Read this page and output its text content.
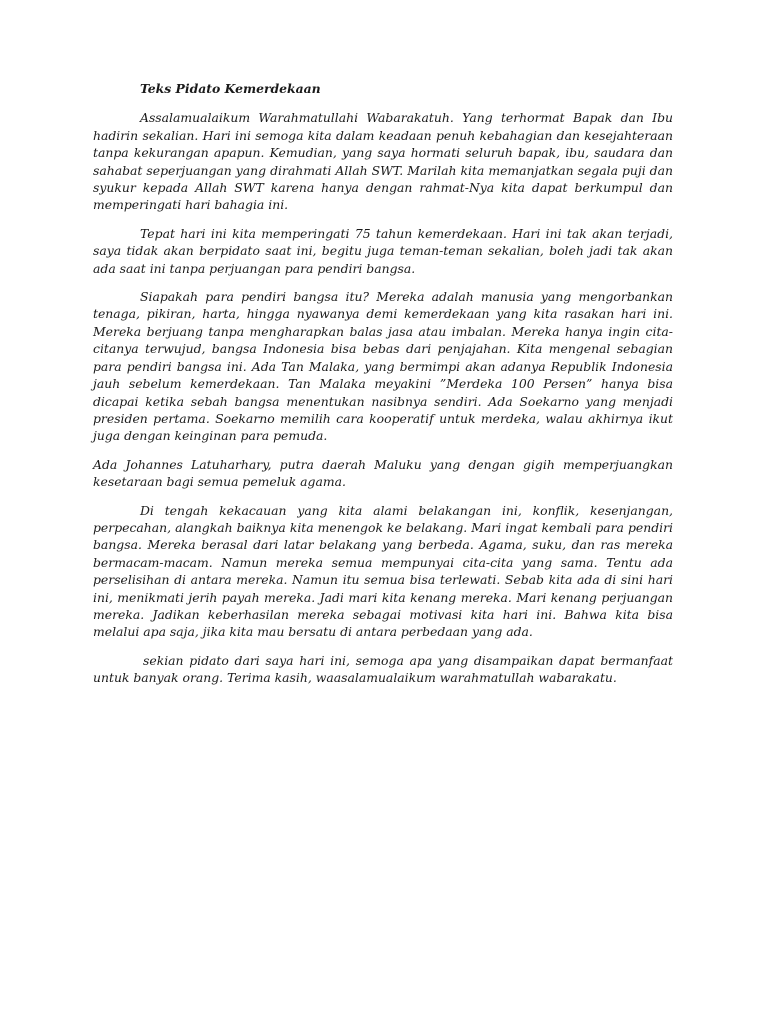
Teks Pidato Kemerdekaan

Assalamualaikum Warahmatullahi Wabarakatuh. Yang terhormat Bapak dan Ibu hadirin sekalian. Hari ini semoga kita dalam keadaan penuh kebahagian dan kesejahteraan tanpa kekurangan apapun. Kemudian, yang saya hormati seluruh bapak, ibu, saudara dan sahabat seperjuangan yang dirahmati Allah SWT. Marilah kita memanjatkan segala puji dan syukur kepada Allah SWT karena hanya dengan rahmat-Nya kita dapat berkumpul dan memperingati hari bahagia ini.

Tepat hari ini kita memperingati 75 tahun kemerdekaan. Hari ini tak akan terjadi, saya tidak akan berpidato saat ini, begitu juga teman-teman sekalian, boleh jadi tak akan ada saat ini tanpa perjuangan para pendiri bangsa.

Siapakah para pendiri bangsa itu? Mereka adalah manusia yang mengorbankan tenaga, pikiran, harta, hingga nyawanya demi kemerdekaan yang kita rasakan hari ini. Mereka berjuang tanpa mengharapkan balas jasa atau imbalan. Mereka hanya ingin cita-citanya terwujud, bangsa Indonesia bisa bebas dari penjajahan. Kita mengenal sebagian para pendiri bangsa ini. Ada Tan Malaka, yang bermimpi akan adanya Republik Indonesia jauh sebelum kemerdekaan. Tan Malaka meyakini ”Merdeka 100 Persen” hanya bisa dicapai ketika sebah bangsa menentukan nasibnya sendiri. Ada Soekarno yang menjadi presiden pertama. Soekarno memilih cara kooperatif untuk merdeka, walau akhirnya ikut juga dengan keinginan para pemuda.

Ada Johannes Latuharhary, putra daerah Maluku yang dengan gigih memperjuangkan kesetaraan bagi semua pemeluk agama.

Di tengah kekacauan yang kita alami belakangan ini, konflik, kesenjangan, perpecahan, alangkah baiknya kita menengok ke belakang. Mari ingat kembali para pendiri bangsa. Mereka berasal dari latar belakang yang berbeda. Agama, suku, dan ras mereka bermacam-macam. Namun mereka semua mempunyai cita-cita yang sama. Tentu ada perselisihan di antara mereka. Namun itu semua bisa terlewati. Sebab kita ada di sini hari ini, menikmati jerih payah mereka. Jadi mari kita kenang mereka. Mari kenang perjuangan mereka. Jadikan keberhasilan mereka sebagai motivasi kita hari ini. Bahwa kita bisa melalui apa saja, jika kita mau bersatu di antara perbedaan yang ada.

sekian pidato dari saya hari ini, semoga apa yang disampaikan dapat bermanfaat untuk banyak orang. Terima kasih, waasalamualaikum warahmatullah wabarakatu.
